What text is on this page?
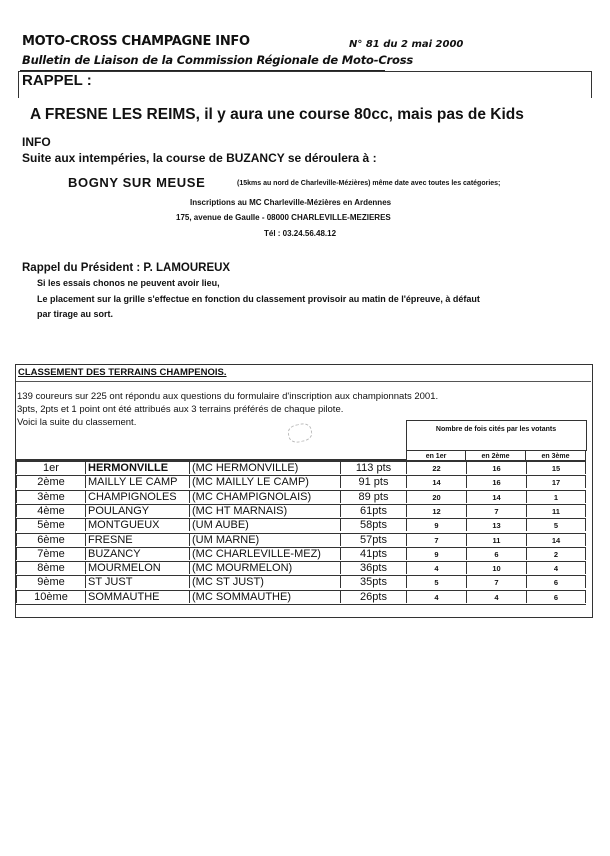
MOTO-CROSS CHAMPAGNE INFO	N° 81 du 2 mai 2000
Bulletin de Liaison de la Commission Régionale de Moto-Cross
RAPPEL :
A FRESNE LES REIMS, il y aura une course 80cc, mais pas de Kids
INFO
Suite aux intempéries, la course de BUZANCY se déroulera à :
BOGNY SUR MEUSE	(15kms au nord de Charleville-Mézières) même date avec toutes les catégories;
Inscriptions au MC Charleville-Mézières en Ardennes
175, avenue de Gaulle - 08000 CHARLEVILLE-MEZIERES
Tél : 03.24.56.48.12
Rappel du Président : P. LAMOUREUX
Si les essais chonos ne peuvent avoir lieu,
Le placement sur la grille s'effectue en fonction du classement provisoir au matin de l'épreuve, à défaut
par tirage au sort.
CLASSEMENT DES TERRAINS CHAMPENOIS.
139 coureurs sur 225 ont répondu aux questions du formulaire d'inscription aux championnats 2001.
3pts, 2pts et 1 point ont été attribués aux 3 terrains préférés de chaque pilote.
Voici la suite du classement.
Nombre de fois cités par les votants
en 1er	en 2ème	en 3ème
1er	HERMONVILLE	(MC HERMONVILLE)	113 pts	22	16	15
2ème	MAILLY LE CAMP	(MC MAILLY LE CAMP)	91 pts	14	16	17
3ème	CHAMPIGNOLES	(MC CHAMPIGNOLAIS)	89 pts	20	14	1
4ème	POULANGY	(MC HT MARNAIS)	61pts	12	7	11
5ème	MONTGUEUX	(UM AUBE)	58pts	9	13	5
6ème	FRESNE	(UM MARNE)	57pts	7	11	14
7ème	BUZANCY	(MC CHARLEVILLE-MEZ)	41pts	9	6	2
8ème	MOURMELON	(MC MOURMELON)	36pts	4	10	4
9ème	ST JUST	(MC ST JUST)	35pts	5	7	6
10ème	SOMMAUTHE	(MC SOMMAUTHE)	26pts	4	4	6
